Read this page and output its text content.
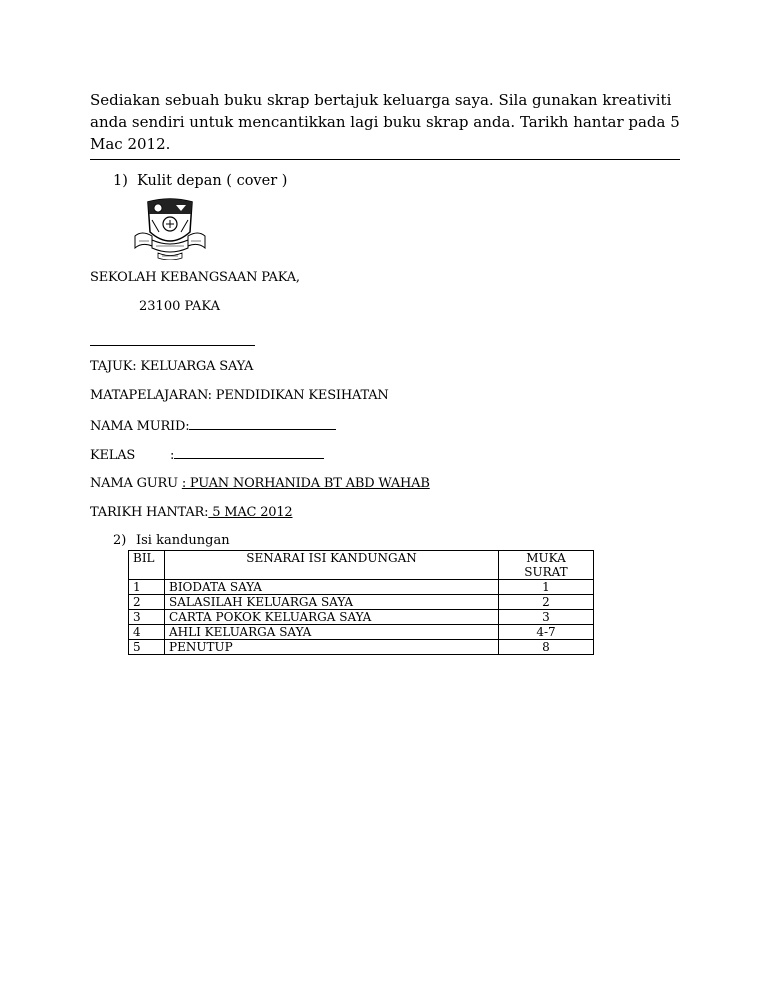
Sediakan sebuah buku skrap bertajuk keluarga saya. Sila gunakan kreativiti anda sendiri untuk mencantikkan lagi buku skrap anda. Tarikh hantar pada 5 Mac 2012.
1) Kulit depan ( cover )
SEKOLAH KEBANGSAAN PAKA,
23100 PAKA
TAJUK: KELUARGA SAYA
MATAPELAJARAN: PENDIDIKAN KESIHATAN
NAMA MURID:
KELAS	:
NAMA GURU : PUAN NORHANIDA BT ABD WAHAB
TARIKH HANTAR: 5 MAC 2012
2) Isi kandungan
BIL	SENARAI ISI KANDUNGAN	MUKA SURAT
1	BIODATA SAYA	1
2	SALASILAH KELUARGA SAYA	2
3	CARTA POKOK KELUARGA SAYA	3
4	AHLI KELUARGA SAYA	4-7
5	PENUTUP	8
